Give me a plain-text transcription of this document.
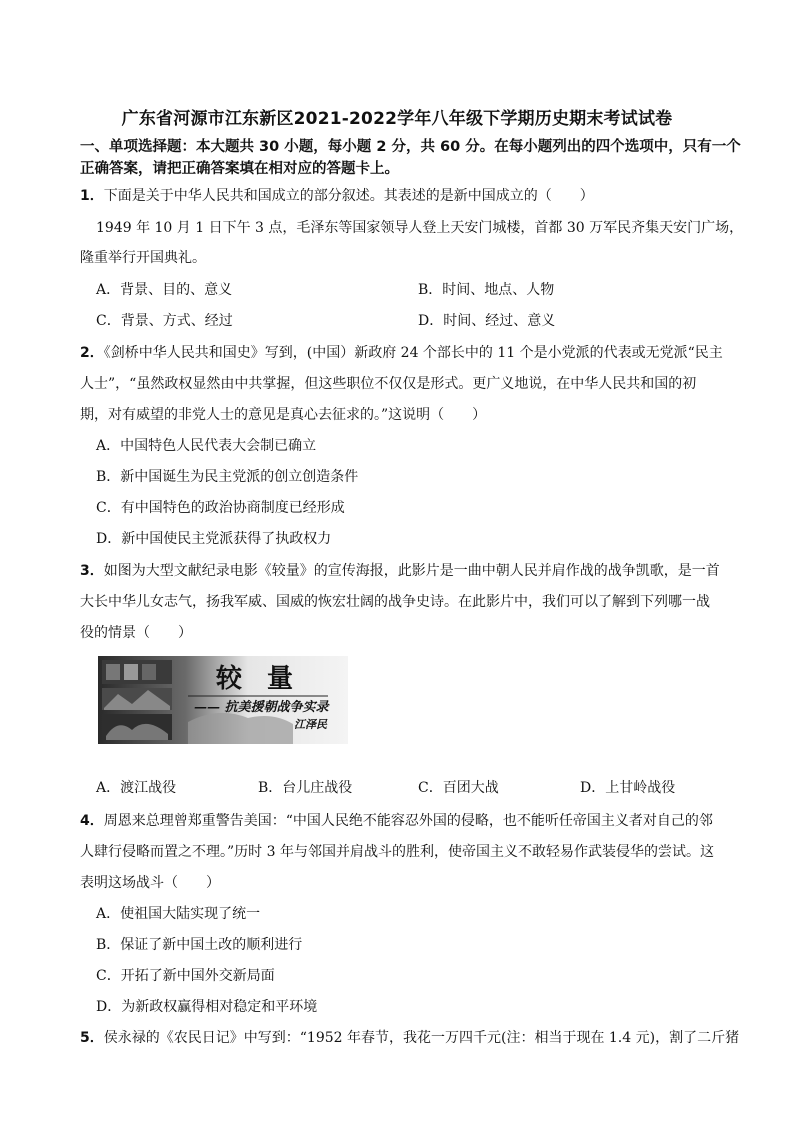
广东省河源市江东新区2021-2022学年八年级下学期历史期末考试试卷
一、单项选择题：本大题共 30 小题，每小题 2 分，共 60 分。在每小题列出的四个选项中，只有一个正确答案，请把正确答案填在相对应的答题卡上。
1．下面是关于中华人民共和国成立的部分叙述。其表述的是新中国成立的（　　）
1949 年 10 月 1 日下午 3 点，毛泽东等国家领导人登上天安门城楼，首都 30 万军民齐集天安门广场，
隆重举行开国典礼。
A．背景、目的、意义	B．时间、地点、人物
C．背景、方式、经过	D．时间、经过、意义
2．《剑桥中华人民共和国史》写到，(中国）新政府 24 个部长中的 11 个是小党派的代表或无党派“民主
人士”，“虽然政权显然由中共掌握，但这些职位不仅仅是形式。更广义地说，在中华人民共和国的初
期，对有威望的非党人士的意见是真心去征求的。”这说明（　　）
A．中国特色人民代表大会制已确立
B．新中国诞生为民主党派的创立创造条件
C．有中国特色的政治协商制度已经形成
D．新中国使民主党派获得了执政权力
3．如图为大型文献纪录电影《较量》的宣传海报，此影片是一曲中朝人民并肩作战的战争凯歌，是一首
大长中华儿女志气，扬我军威、国威的恢宏壮阔的战争史诗。在此影片中，我们可以了解到下列哪一战
役的情景（　　）
较 量
—— 抗美援朝战争实录
江泽民
A．渡江战役	B．台儿庄战役	C．百团大战	D．上甘岭战役
4．周恩来总理曾郑重警告美国：“中国人民绝不能容忍外国的侵略，也不能听任帝国主义者对自己的邻
人肆行侵略而置之不理。”历时 3 年与邻国并肩战斗的胜利，使帝国主义不敢轻易作武装侵华的尝试。这
表明这场战斗（　　）
A．使祖国大陆实现了统一
B．保证了新中国土改的顺利进行
C．开拓了新中国外交新局面
D．为新政权赢得相对稳定和平环境
5．侯永禄的《农民日记》中写到：“1952 年春节，我花一万四千元(注：相当于现在 1.4 元)，割了二斤猪
